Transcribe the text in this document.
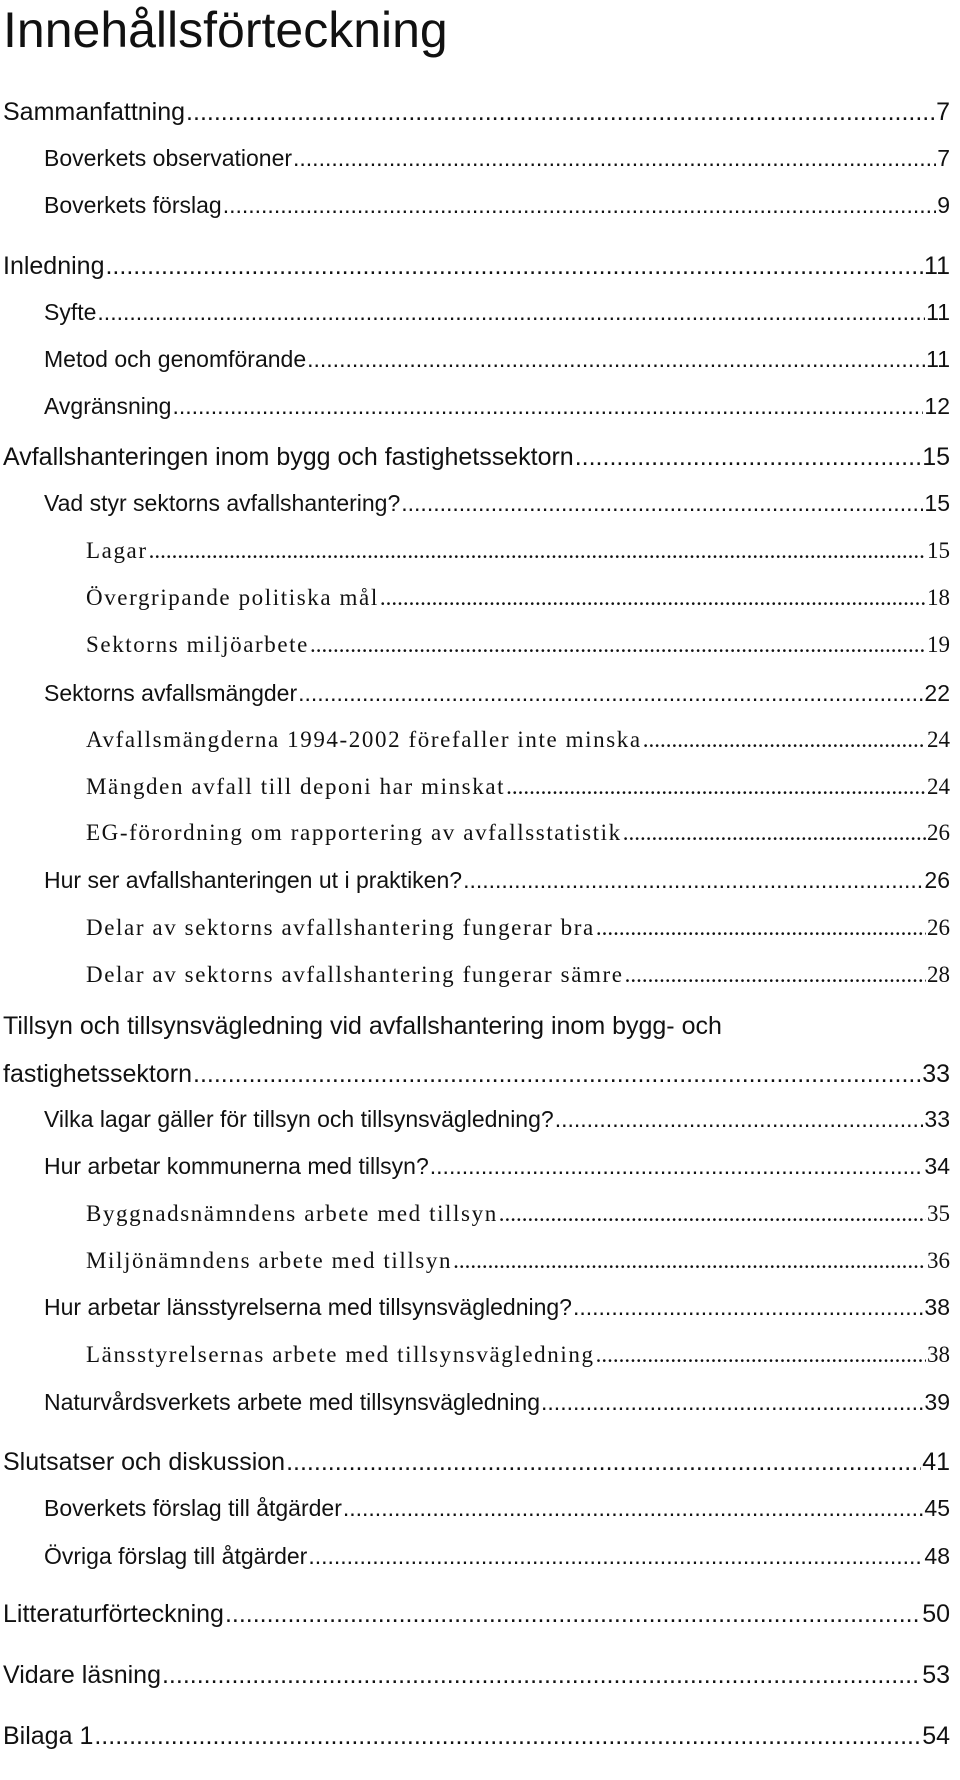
Innehållsförteckning
Sammanfattning .....	7
Boverkets observationer .....	7
Boverkets förslag .....	9
Inledning .....	11
Syfte .....	11
Metod och genomförande .....	11
Avgränsning .....	12
Avfallshanteringen inom bygg och fastighetssektorn .....	15
Vad styr sektorns avfallshantering? .....	15
Lagar .....	15
Övergripande politiska mål .....	18
Sektorns miljöarbete .....	19
Sektorns avfallsmängder .....	22
Avfallsmängderna 1994-2002 förefaller inte minska .....	24
Mängden avfall till deponi har minskat .....	24
EG-förordning om rapportering av avfallsstatistik .....	26
Hur ser avfallshanteringen ut i praktiken? .....	26
Delar av sektorns avfallshantering fungerar bra .....	26
Delar av sektorns avfallshantering fungerar sämre .....	28
Tillsyn och tillsynsvägledning vid avfallshantering inom bygg- och
fastighetssektorn .....	33
Vilka lagar gäller för tillsyn och tillsynsvägledning? .....	33
Hur arbetar kommunerna med tillsyn? .....	34
Byggnadsnämndens arbete med tillsyn .....	35
Miljönämndens arbete med tillsyn .....	36
Hur arbetar länsstyrelserna med tillsynsvägledning? .....	38
Länsstyrelsernas arbete med tillsynsvägledning .....	38
Naturvårdsverkets arbete med tillsynsvägledning .....	39
Slutsatser och diskussion .....	41
Boverkets förslag till åtgärder .....	45
Övriga förslag till åtgärder .....	48
Litteraturförteckning .....	50
Vidare läsning .....	53
Bilaga 1 .....	54
